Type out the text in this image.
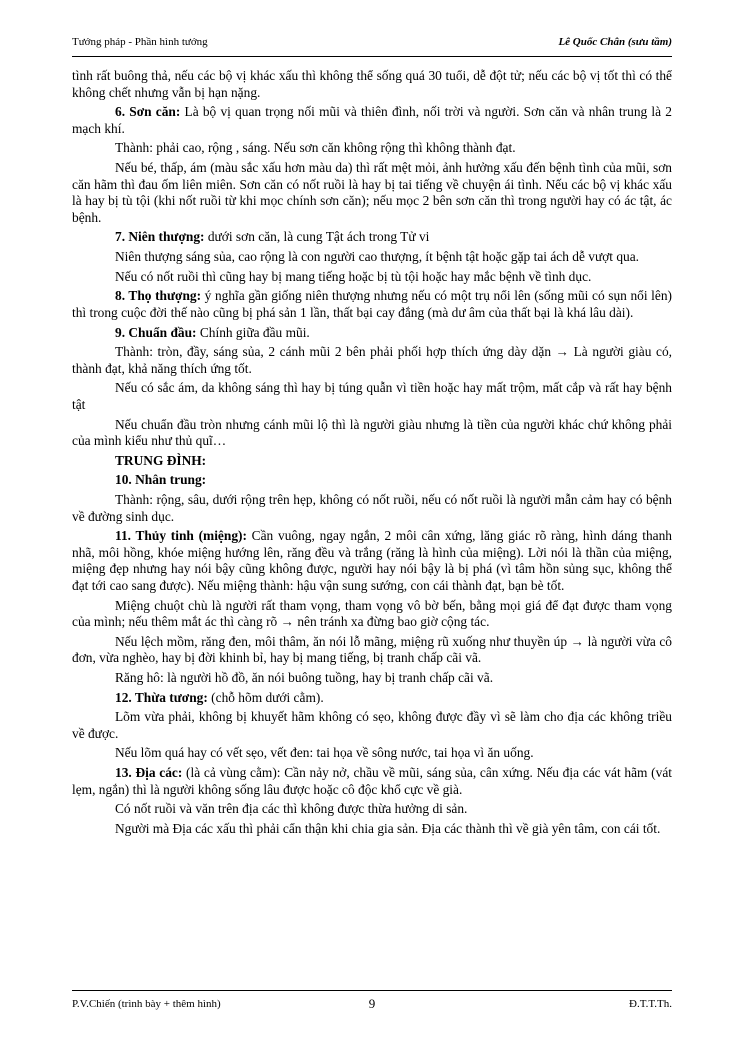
Tướng pháp - Phần hình tướng	Lê Quốc Chân (sưu tầm)

tình rất buông thả, nếu các bộ vị khác xấu thì không thể sống quá 30 tuổi, dễ đột tử; nếu các bộ vị tốt thì có thể không chết nhưng vẫn bị hạn nặng.

6. Sơn căn: Là bộ vị quan trọng nối mũi và thiên đình, nối trời và người. Sơn căn và nhân trung là 2 mạch khí.

Thành: phải cao, rộng , sáng. Nếu sơn căn không rộng thì không thành đạt.

Nếu bé, thấp, ám (màu sắc xấu hơn màu da) thì rất mệt mỏi, ảnh hưởng xấu đến bệnh tình của mũi, sơn căn hãm thì đau ốm liên miên. Sơn căn có nốt ruồi là hay bị tai tiếng về chuyện ái tình. Nếu các bộ vị khác xấu là hay bị tù tội (khi nốt ruồi từ khi mọc chính sơn căn); nếu mọc 2 bên sơn căn thì trong người hay có ác tật, ác bệnh.

7. Niên thượng: dưới sơn căn, là cung Tật ách trong Tử vi

Niên thượng sáng sủa, cao rộng là con người cao thượng, ít bệnh tật hoặc gặp tai ách dễ vượt qua.

Nếu có nốt ruồi thì cũng hay bị mang tiếng hoặc bị tù tội hoặc hay mắc bệnh về tình dục.

8. Thọ thượng: ý nghĩa gần giống niên thượng nhưng nếu có một trụ nổi lên (sống mũi có sụn nổi lên) thì trong cuộc đời thế nào cũng bị phá sản 1 lần, thất bại cay đắng (mà dư âm của thất bại là khá lâu dài).

9. Chuẩn đầu: Chính giữa đầu mũi.

Thành: tròn, đầy, sáng sủa, 2 cánh mũi 2 bên phải phối hợp thích ứng dày dặn → Là người giàu có, thành đạt, khả năng thích ứng tốt.

Nếu có sắc ám, da không sáng thì hay bị túng quẫn vì tiền hoặc hay mất trộm, mất cắp và rất hay bệnh tật

Nếu chuẩn đầu tròn nhưng cánh mũi lộ thì là người giàu nhưng là tiền của người khác chứ không phải của mình kiểu như thủ quĩ…

TRUNG ĐÌNH:

10. Nhân trung:

Thành: rộng, sâu, dưới rộng trên hẹp, không có nốt ruồi, nếu có nốt ruồi là người mẫn cảm hay có bệnh về đường sinh dục.

11. Thủy tinh (miệng): Cần vuông, ngay ngắn, 2 môi cân xứng, lăng giác rõ ràng, hình dáng thanh nhã, môi hồng, khóe miệng hướng lên, răng đều và trắng (răng là hình của miệng). Lời nói là thần của miệng, miệng đẹp nhưng hay nói bậy cũng không được, người hay nói bậy là bị phá (vì tâm hồn sủng sục, không thể đạt tới cao sang được). Nếu miệng thành: hậu vận sung sướng, con cái thành đạt, bạn bè tốt.

Miệng chuột chù là người rất tham vọng, tham vọng vô bờ bến, bằng mọi giá để đạt được tham vọng của mình; nếu thêm mắt ác thì càng rõ → nên tránh xa đừng bao giờ cộng tác.

Nếu lệch mồm, răng đen, môi thâm, ăn nói lỗ mãng, miệng rũ xuống như thuyền úp → là người vừa cô đơn, vừa nghèo, hay bị đời khinh bỉ, hay bị mang tiếng, bị tranh chấp cãi vã.

Răng hô: là người hồ đồ, ăn nói buông tuồng, hay bị tranh chấp cãi vã.

12. Thừa tương: (chỗ hõm dưới cằm).

Lõm vừa phải, không bị khuyết hãm không có sẹo, không được đầy vì sẽ làm cho địa các không triều về được.

Nếu lõm quá hay có vết sẹo, vết đen: tai họa về sông nước, tai họa vì ăn uống.

13. Địa các: (là cả vùng cằm): Cần nảy nở, chầu về mũi, sáng sủa, cân xứng. Nếu địa các vát hãm (vát lẹm, ngắn) thì là người không sống lâu được hoặc cô độc khổ cực về già.

Có nốt ruồi và văn trên địa các thì không được thừa hưởng di sản.

Người mà Địa các xấu thì phải cẩn thận khi chia gia sản. Địa các thành thì về già yên tâm, con cái tốt.

P.V.Chiến (trình bày + thêm hình)	9	Đ.T.T.Th.
